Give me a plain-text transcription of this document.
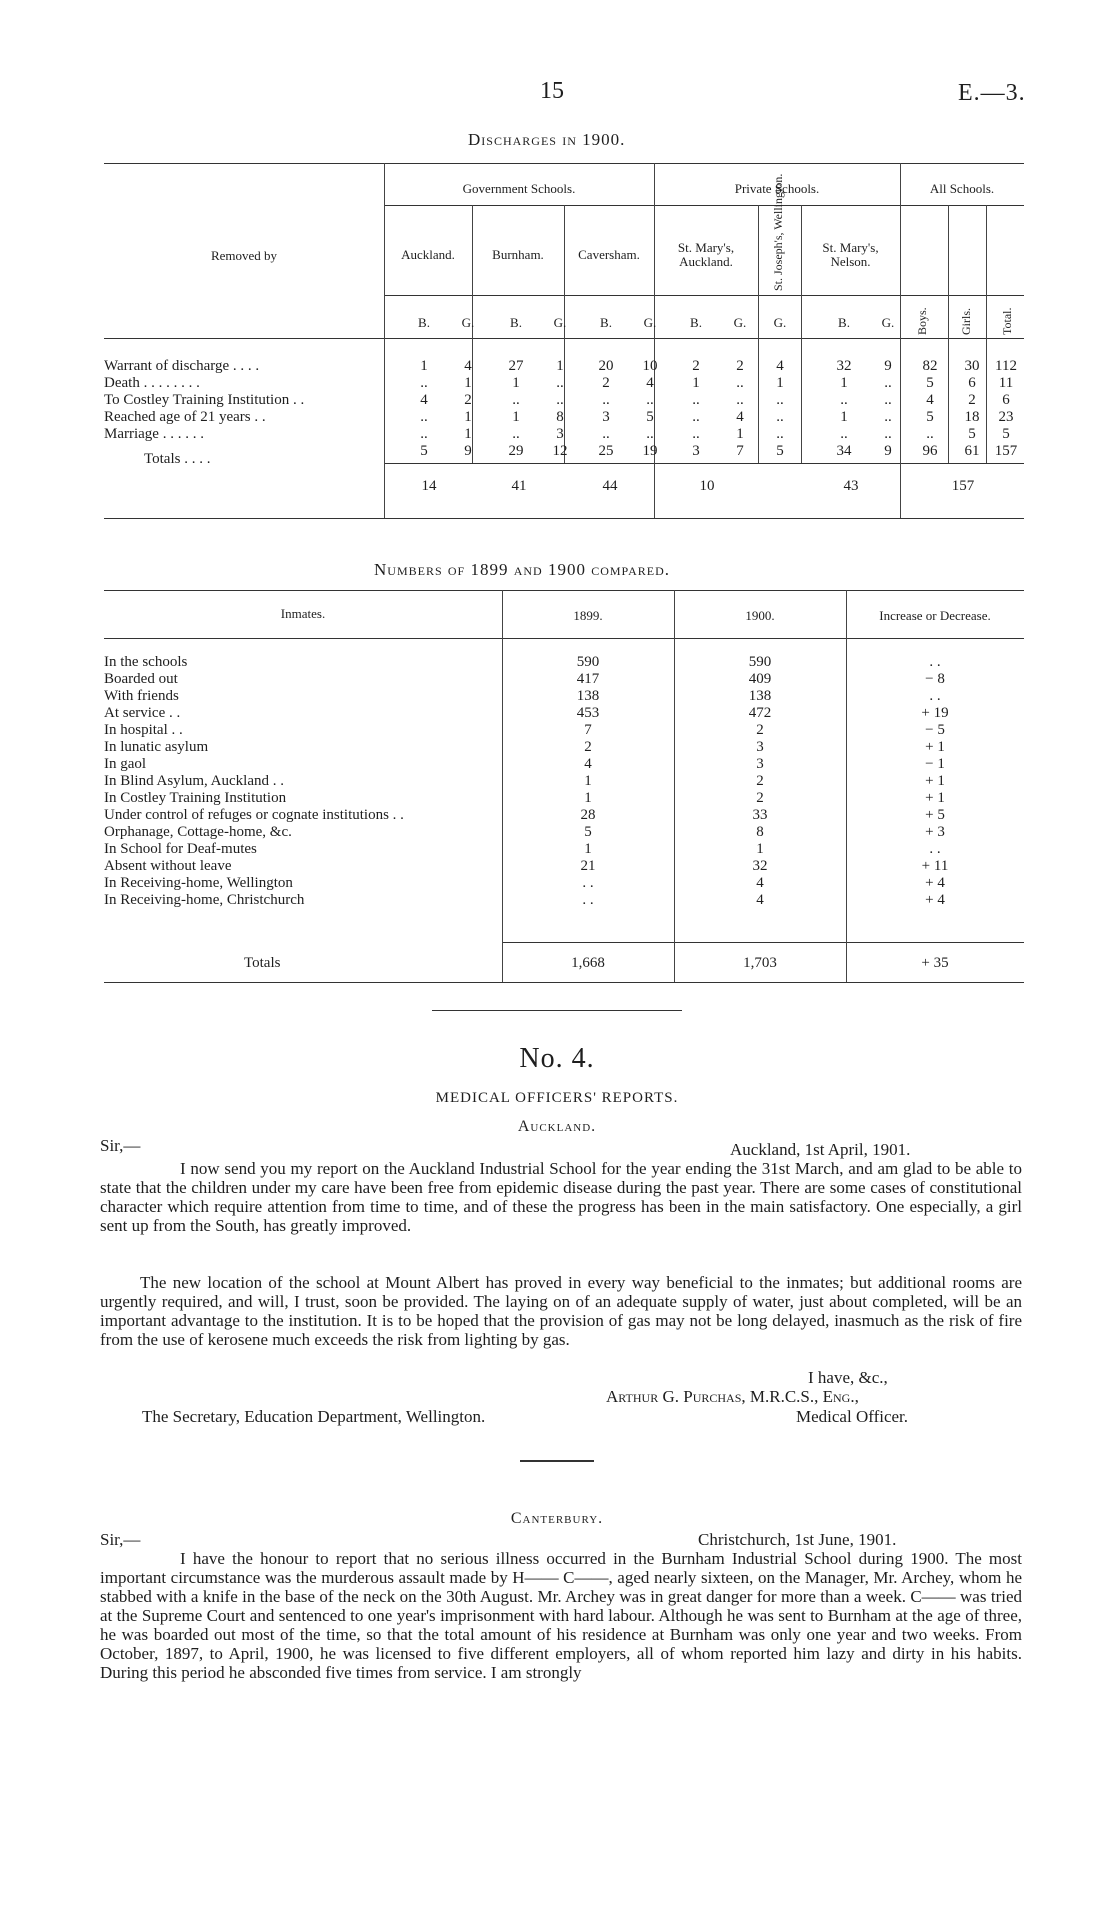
15	E.—3.
Discharges in 1900.
Removed by
Government Schools.	Private Schools.	All Schools.
Auckland.	Burnham.	Caversham.	St. Mary's, Auckland.	St. Joseph's, Wellington.	St. Mary's, Nelson.
Boys.	Girls. Total.
B.	G.	B.	G.	B.	G.	B.	G.	G.	B.	G.
Warrant of discharge . . . .	1	4	27	1	20	10	2	2	4	32	9	82	30	112
Death . . . . . . . .	..	1	1	..	2	4	1	..	1	1	..	5	6	11
To Costley Training Institution . .	4	2	..	..	..	..	..	..	..	..	..	4	2	6
Reached age of 21 years . .	..	1	1	8	3	5	..	4	..	1	..	5	18	23
Marriage . . . . . .	..	1	..	3	..	..	..	1	..	..	..	..	5	5
Totals . . . .	5	9	29	12	25	19	3	7	5	34	9	96	61	157
14	41	44	10	43	157
Numbers of 1899 and 1900 compared.
Inmates.	1899.	1900.	Increase or Decrease.
In the schools	590	590	. .
Boarded out	417	409	− 8
With friends	138	138	. .
At service . .	453	472	+ 19
In hospital . .	7	2	− 5
In lunatic asylum	2	3	+ 1
In gaol	4	3	− 1
In Blind Asylum, Auckland . .	1	2	+ 1
In Costley Training Institution	1	2	+ 1
Under control of refuges or cognate institutions . .	28	33	+ 5
Orphanage, Cottage-home, &c.	5	8	+ 3
In School for Deaf-mutes	1	1	. .
Absent without leave	21	32	+ 11
In Receiving-home, Wellington	. .	4	+ 4
In Receiving-home, Christchurch	. .	4	+ 4
Totals	1,668	1,703	+ 35
No. 4.
MEDICAL OFFICERS' REPORTS.
Auckland.
Sir,—	Auckland, 1st April, 1901.
I now send you my report on the Auckland Industrial School for the year ending the 31st March, and am glad to be able to state that the children under my care have been free from epidemic disease during the past year. There are some cases of constitutional character which require attention from time to time, and of these the progress has been in the main satisfactory. One especially, a girl sent up from the South, has greatly improved.
The new location of the school at Mount Albert has proved in every way beneficial to the inmates; but additional rooms are urgently required, and will, I trust, soon be provided. The laying on of an adequate supply of water, just about completed, will be an important advantage to the institution. It is to be hoped that the provision of gas may not be long delayed, inasmuch as the risk of fire from the use of kerosene much exceeds the risk from lighting by gas.
I have, &c.,
Arthur G. Purchas, M.R.C.S., Eng.,
The Secretary, Education Department, Wellington.	Medical Officer.
Canterbury.
Sir,—	Christchurch, 1st June, 1901.
I have the honour to report that no serious illness occurred in the Burnham Industrial School during 1900. The most important circumstance was the murderous assault made by H—— C——, aged nearly sixteen, on the Manager, Mr. Archey, whom he stabbed with a knife in the base of the neck on the 30th August. Mr. Archey was in great danger for more than a week. C—— was tried at the Supreme Court and sentenced to one year's imprisonment with hard labour. Although he was sent to Burnham at the age of three, he was boarded out most of the time, so that the total amount of his residence at Burnham was only one year and two weeks. From October, 1897, to April, 1900, he was licensed to five different employers, all of whom reported him lazy and dirty in his habits. During this period he absconded five times from service. I am strongly
